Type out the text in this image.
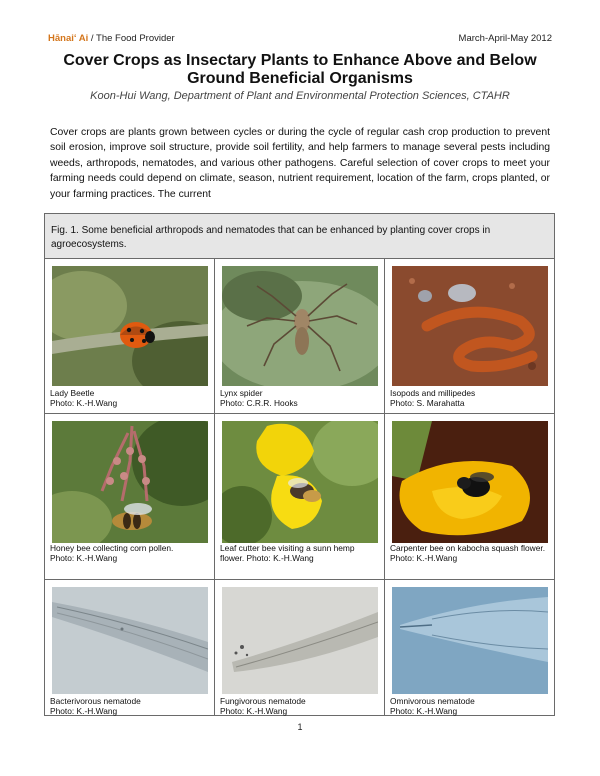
Hānaiʻ Ai / The Food Provider	March-April-May 2012
Cover Crops as Insectary Plants to Enhance Above and Below
Ground Beneficial Organisms
Koon-Hui Wang, Department of Plant and Environmental Protection Sciences, CTAHR
Cover crops are plants grown between cycles or during the cycle of regular cash crop production to prevent soil erosion, improve soil structure, provide soil fertility, and help farmers to manage several pests including weeds, arthropods, nematodes, and various other pathogens. Careful selection of cover crops to meet your farming needs could depend on climate, season, nutrient requirement, location of the farm, crops planted, or your farming practices. The current
Fig. 1. Some beneficial arthropods and nematodes that can be enhanced by planting cover crops in agroecosystems.
Lady Beetle
Photo: K.-H.Wang
Lynx spider
Photo: C.R.R. Hooks
Isopods and millipedes
Photo: S. Marahatta
Honey bee collecting corn pollen.
Photo: K.-H.Wang
Leaf cutter bee visiting a sunn hemp flower. Photo: K.-H.Wang
Carpenter bee on kabocha squash flower. Photo: K.-H.Wang
Bacterivorous nematode
Photo: K.-H.Wang
Fungivorous nematode
Photo: K.-H.Wang
Omnivorous nematode
Photo: K.-H.Wang
1
